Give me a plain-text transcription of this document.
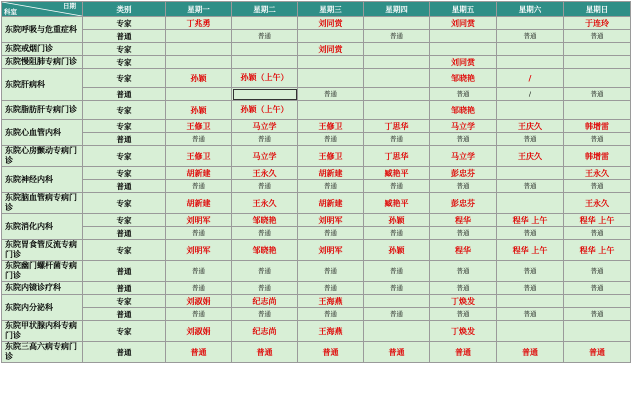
日期
科室	类别	星期一	星期二	星期三	星期四	星期五	星期六	星期日
东院呼吸与危重症科	专家	丁兆勇		刘同赏		刘同赏		于连玲
	普通		普通		普通		普通	普通
东院戒烟门诊	专家			刘同赏				
东院慢阻肺专病门诊	专家					刘同赏		
东院肝病科	专家	孙颖	孙颖（上午）			邹晓艳	/	
	普通			普通		普通	/	普通
东院脂肪肝专病门诊	专家	孙颖	孙颖（上午）			邹晓艳		
东院心血管内科	专家	王修卫	马立学	王修卫	丁思华	马立学	王庆久	韩增雷
	普通	普通	普通	普通	普通	普通	普通	普通
东院心房颤动专病门诊	专家	王修卫	马立学	王修卫	丁思华	马立学	王庆久	韩增雷
东院神经内科	专家	胡新建	王永久	胡新建	臧艳平	彭忠芬		王永久
	普通	普通	普通	普通	普通	普通	普通	普通
东院脑血管病专病门诊	专家	胡新建	王永久	胡新建	臧艳平	彭忠芬		王永久
东院消化内科	专家	刘明军	邹晓艳	刘明军	孙颖	程华	程华 上午	程华 上午
	普通	普通	普通	普通	普通	普通	普通	普通
东院胃食管反流专病门诊	专家	刘明军	邹晓艳	刘明军	孙颖	程华	程华 上午	程华 上午
东院幽门螺杆菌专病门诊	普通	普通	普通	普通	普通	普通	普通	普通
东院内镜诊疗科	普通	普通	普通	普通	普通	普通	普通	普通
东院内分泌科	专家	刘淑娟	纪志尚	王海燕		丁焕发		
	普通	普通	普通	普通	普通	普通	普通	普通
东院甲状腺内科专病门诊	专家	刘淑娟	纪志尚	王海燕		丁焕发		
东院三高六病专病门诊	普通	普通	普通	普通	普通	普通	普通	普通
